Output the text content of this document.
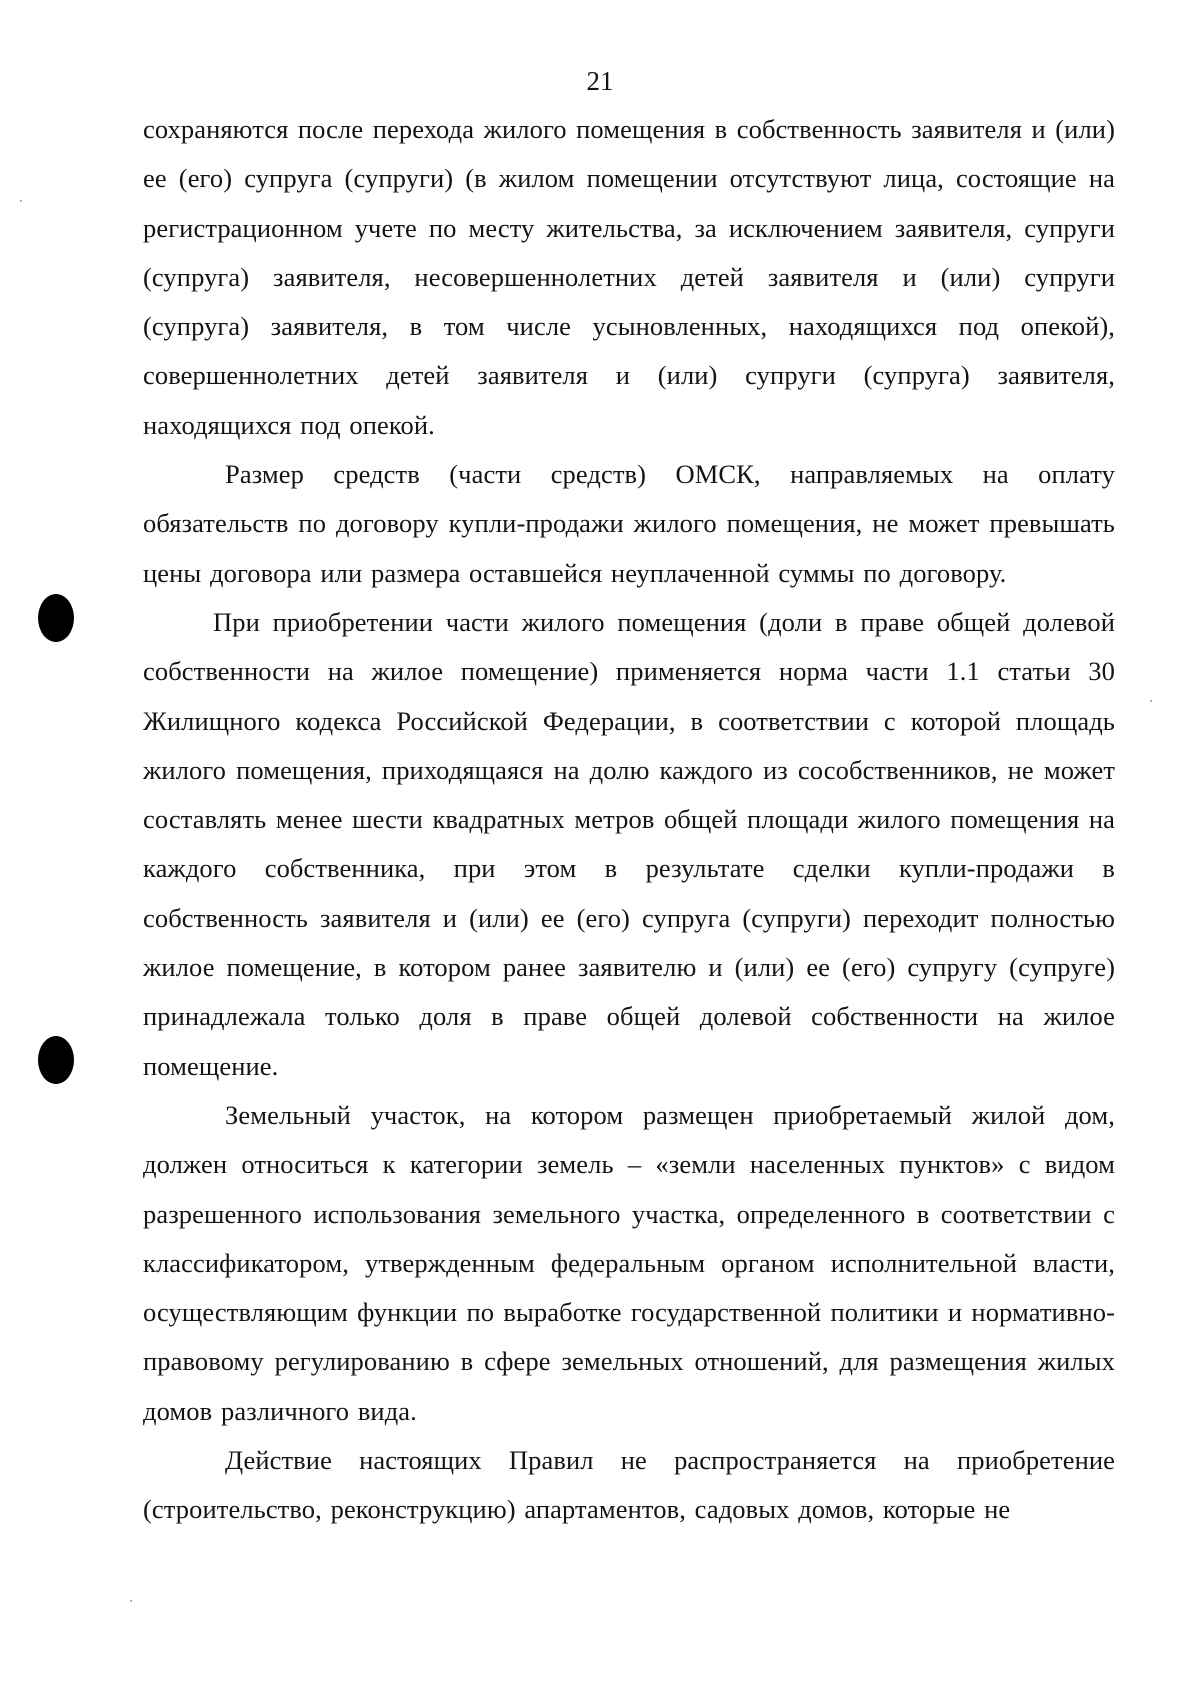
21

сохраняются после перехода жилого помещения в собственность заявителя и (или) ее (его) супруга (супруги) (в жилом помещении отсутствуют лица, состоящие на регистрационном учете по месту жительства, за исключением заявителя, супруги (супруга) заявителя, несовершеннолетних детей заявителя и (или) супруги (супруга) заявителя, в том числе усыновленных, находящихся под опекой), совершеннолетних детей заявителя и (или) супруги (супруга) заявителя, находящихся под опекой.

Размер средств (части средств) ОМСК, направляемых на оплату обязательств по договору купли-продажи жилого помещения, не может превышать цены договора или размера оставшейся неуплаченной суммы по договору.

При приобретении части жилого помещения (доли в праве общей долевой собственности на жилое помещение) применяется норма части 1.1 статьи 30 Жилищного кодекса Российской Федерации, в соответствии с которой площадь жилого помещения, приходящаяся на долю каждого из сособственников, не может составлять менее шести квадратных метров общей площади жилого помещения на каждого собственника, при этом в результате сделки купли-продажи в собственность заявителя и (или) ее (его) супруга (супруги) переходит полностью жилое помещение, в котором ранее заявителю и (или) ее (его) супругу (супруге) принадлежала только доля в праве общей долевой собственности на жилое помещение.

Земельный участок, на котором размещен приобретаемый жилой дом, должен относиться к категории земель – «земли населенных пунктов» с видом разрешенного использования земельного участка, определенного в соответствии с классификатором, утвержденным федеральным органом исполнительной власти, осуществляющим функции по выработке государственной политики и нормативно-правовому регулированию в сфере земельных отношений, для размещения жилых домов различного вида.

Действие настоящих Правил не распространяется на приобретение (строительство, реконструкцию) апартаментов, садовых домов, которые не
